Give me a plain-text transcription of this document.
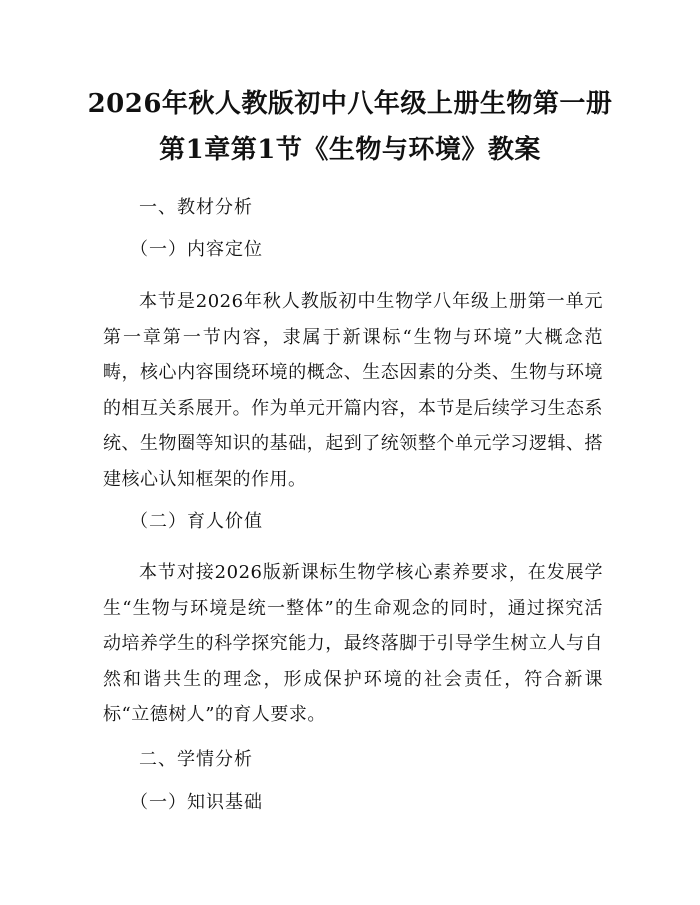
2026年秋人教版初中八年级上册生物第一册
第1章第1节《生物与环境》教案
一、教材分析
（一）内容定位
本节是2026年秋人教版初中生物学八年级上册第一单元第一章第一节内容，隶属于新课标“生物与环境”大概念范畴，核心内容围绕环境的概念、生态因素的分类、生物与环境的相互关系展开。作为单元开篇内容，本节是后续学习生态系统、生物圈等知识的基础，起到了统领整个单元学习逻辑、搭建核心认知框架的作用。
（二）育人价值
本节对接2026版新课标生物学核心素养要求，在发展学生“生物与环境是统一整体”的生命观念的同时，通过探究活动培养学生的科学探究能力，最终落脚于引导学生树立人与自然和谐共生的理念，形成保护环境的社会责任，符合新课标“立德树人”的育人要求。
二、学情分析
（一）知识基础
